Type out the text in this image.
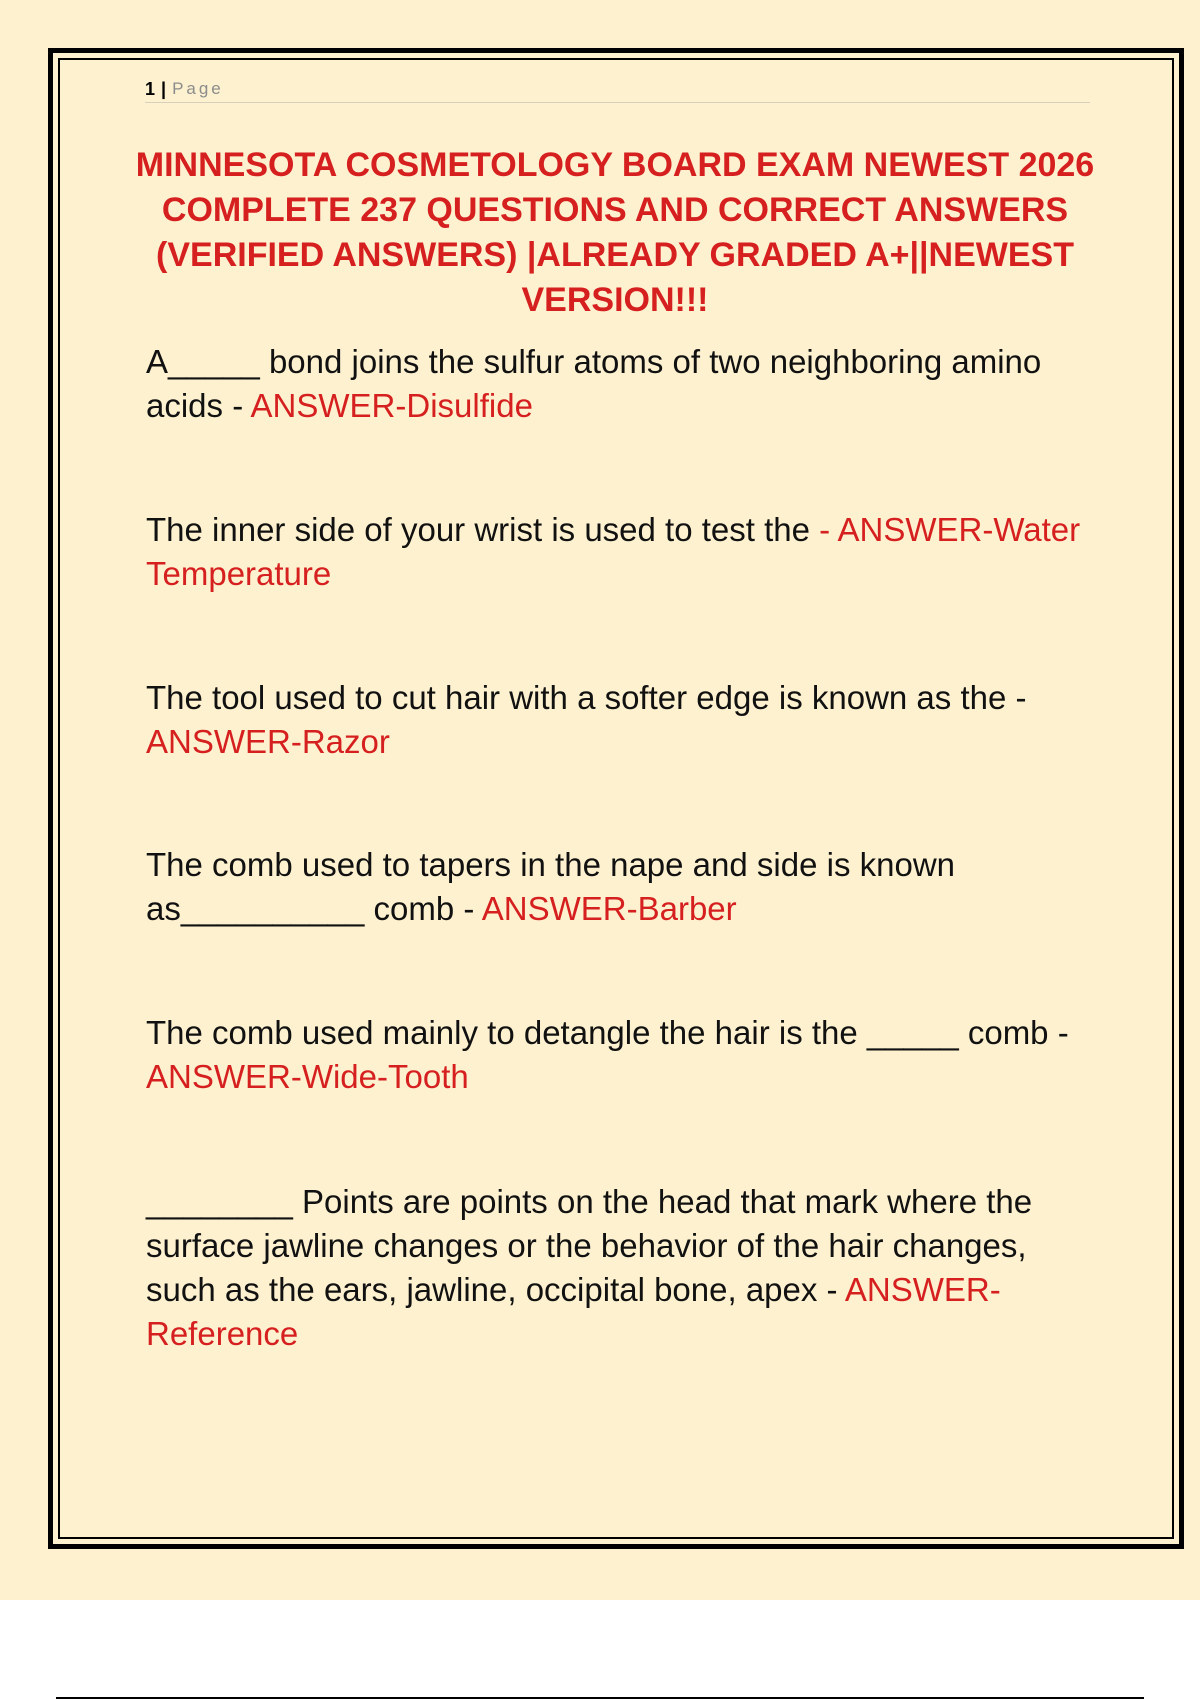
1 | Page
MINNESOTA COSMETOLOGY BOARD EXAM NEWEST 2026 COMPLETE 237 QUESTIONS AND CORRECT ANSWERS (VERIFIED ANSWERS) |ALREADY GRADED A+||NEWEST VERSION!!!
A_____ bond joins the sulfur atoms of two neighboring amino acids - ANSWER-Disulfide
The inner side of your wrist is used to test the - ANSWER-Water Temperature
The tool used to cut hair with a softer edge is known as the - ANSWER-Razor
The comb used to tapers in the nape and side is known as__________ comb - ANSWER-Barber
The comb used mainly to detangle the hair is the _____ comb - ANSWER-Wide-Tooth
________ Points are points on the head that mark where the surface jawline changes or the behavior of the hair changes, such as the ears, jawline, occipital bone, apex - ANSWER-Reference
